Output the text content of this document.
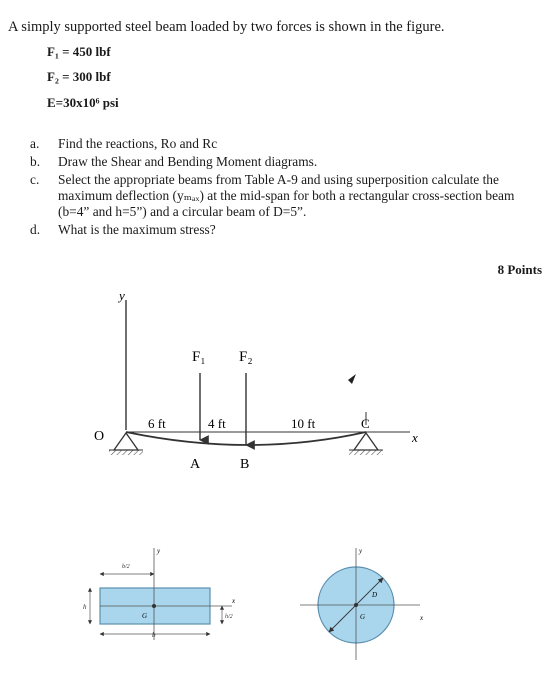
A simply supported steel beam loaded by two forces is shown in the figure.
F₁ = 450 lbf
F₂ = 300 lbf
E=30x10⁶ psi
a. Find the reactions, Ro and Rc
b. Draw the Shear and Bending Moment diagrams.
c. Select the appropriate beams from Table A-9 and using superposition calculate the maximum deflection (yₘₐₓ) at the mid-span for both a rectangular cross-section beam (b=4” and h=5”) and a circular beam of D=5”.
d. What is the maximum stress?
8 Points
y
x
O
F₁ F₂
6 ft	4 ft	10 ft
A	B
C
y
x
G
b
b/2
h
h/2
y
x
G
D
